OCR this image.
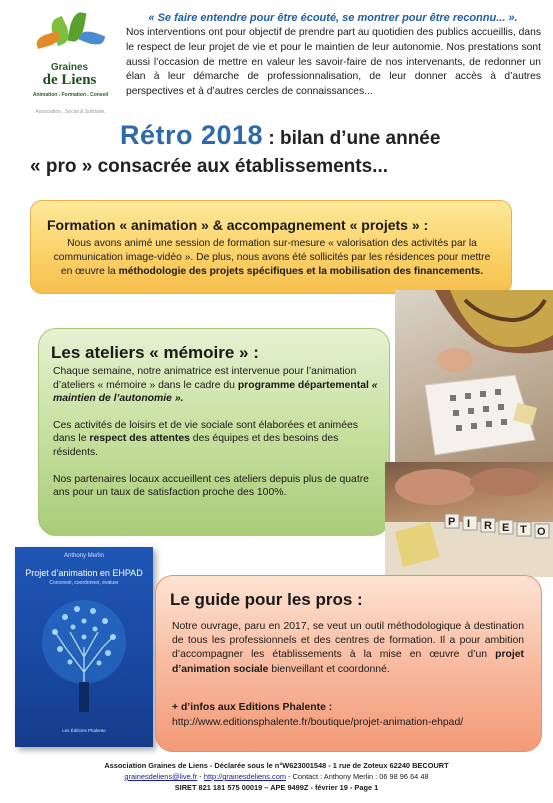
Graines
de Liens
Animation . Formation . Conseil
Association . Social & Solidaire.
« Se faire entendre pour être écouté, se montrer pour être reconnu... ».
Nos interventions ont pour objectif de prendre part au quotidien des publics accueillis, dans le respect de leur projet de vie et pour le maintien de leur autonomie. Nos prestations sont aussi l’occasion de mettre en valeur les savoir-faire de nos intervenants, de redonner un élan à leur démarche de professionnalisation, de leur donner accès à d’autres perspectives et à d’autres cercles de connaissances...
Rétro 2018 : bilan d’une année
« pro » consacrée aux établissements...
Formation « animation » & accompagnement « projets » :

Nous avons animé une session de formation sur-mesure « valorisation des activités par la communication image-vidéo ». De plus, nous avons été sollicités par les résidences pour mettre en œuvre la méthodologie des projets spécifiques et la mobilisation des financements.

Les ateliers « mémoire » :

Chaque semaine, notre animatrice est intervenue pour l’animation d’ateliers « mémoire » dans le cadre du programme départemental « maintien de l’autonomie ».

Ces activités de loisirs et de vie sociale sont élaborées et animées dans le respect des attentes des équipes et des besoins des résidents.

Nos partenaires locaux accueillent ces ateliers depuis plus de quatre ans pour un taux de satisfaction proche des 100%.

P I R E T O
Anthony Merlin
Projet d’animation en EHPAD
Concevoir, coordonner, évaluer
Les Éditions Phalente
Le guide pour les pros :
Notre ouvrage, paru en 2017, se veut un outil méthodologique à destination de tous les professionnels et des centres de formation. Il a pour ambition d’accompagner les établissements à la mise en œuvre d’un projet d’animation sociale bienveillant et coordonné.
+ d’infos aux Editions Phalente :
http://www.editionsphalente.fr/boutique/projet-animation-ehpad/
Association Graines de Liens - Déclarée sous le n°W623001548 - 1 rue de Zoteux 62240 BECOURT
grainesdeliens@live.fr - http://grainesdeliens.com - Contact : Anthony Merlin : 06 98 96 64 48
SIRET 821 181 575 00019 – APE 9499Z - février 19 - Page 1
